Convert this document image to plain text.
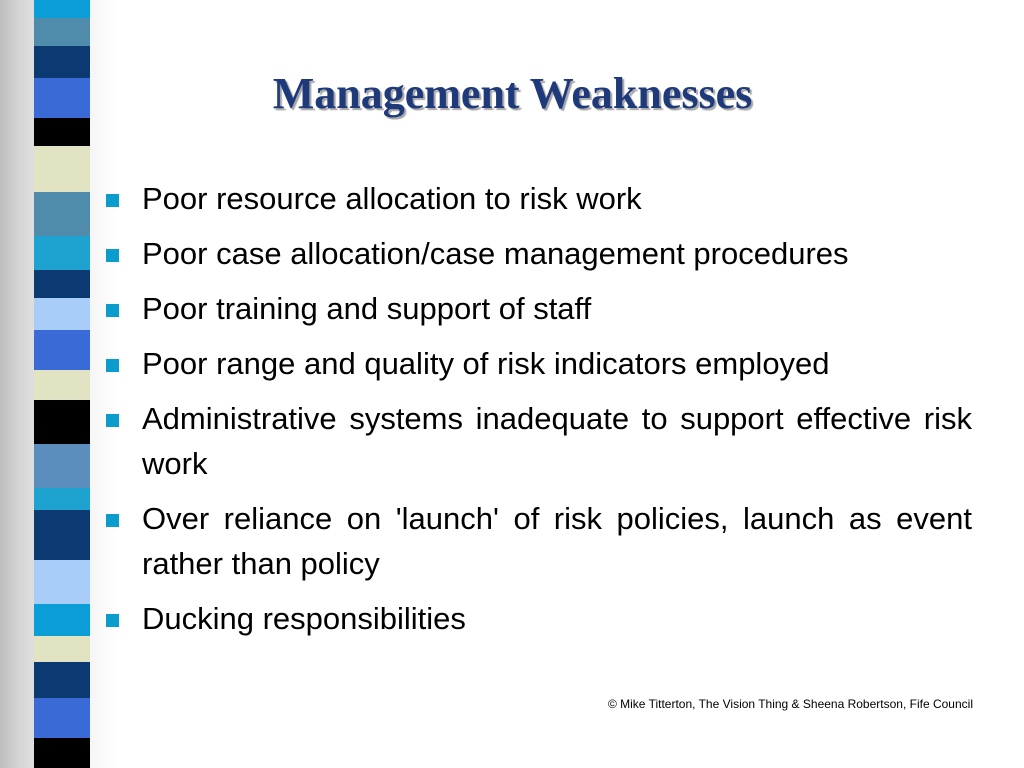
Management Weaknesses
Poor resource allocation to risk work
Poor case allocation/case management procedures
Poor training and support of staff
Poor range and quality of risk indicators employed
Administrative systems inadequate to support effective risk work
Over reliance on 'launch' of risk policies, launch as event rather than policy
Ducking responsibilities
© Mike Titterton, The Vision Thing & Sheena Robertson, Fife Council
